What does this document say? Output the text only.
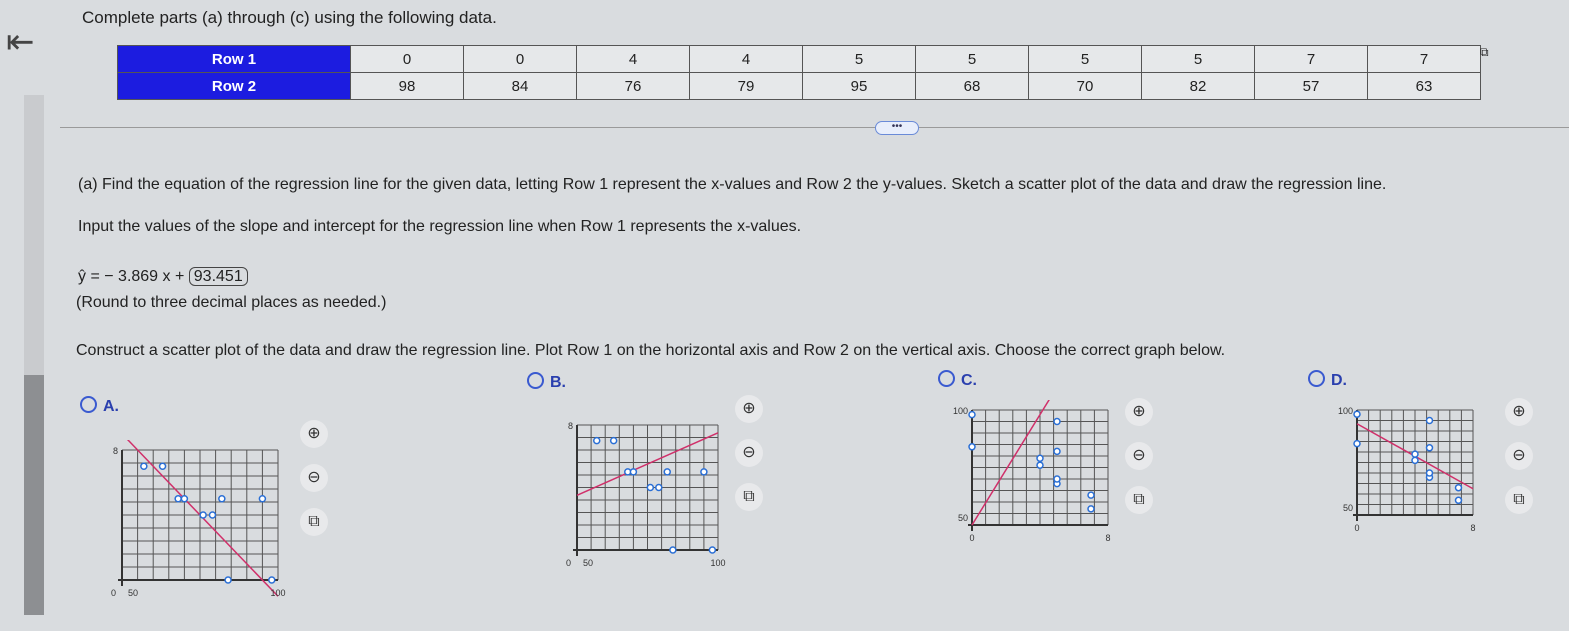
⇤
Complete parts (a) through (c) using the following data.
Row 1	0	0	4	4	5	5	5	5	7	7
Row 2	98	84	76	79	95	68	70	82	57	63
⧉
•••
(a) Find the equation of the regression line for the given data, letting Row 1 represent the x-values and Row 2 the y-values. Sketch a scatter plot of the data and draw the regression line.
Input the values of the slope and intercept for the regression line when Row 1 represents the x-values.
ŷ = − 3.869 x + 93.451
(Round to three decimal places as needed.)
Construct a scatter plot of the data and draw the regression line. Plot Row 1 on the horizontal axis and Row 2 on the vertical axis. Choose the correct graph below.
A.
B.	C.	D.
0 50	100
8
0 50	100
8
100
50
0	8
100
50
0	8
⊕
⊖
⧉
⊕
⊖
⧉
⊕
⊖
⧉
⊕
⊖
⧉
